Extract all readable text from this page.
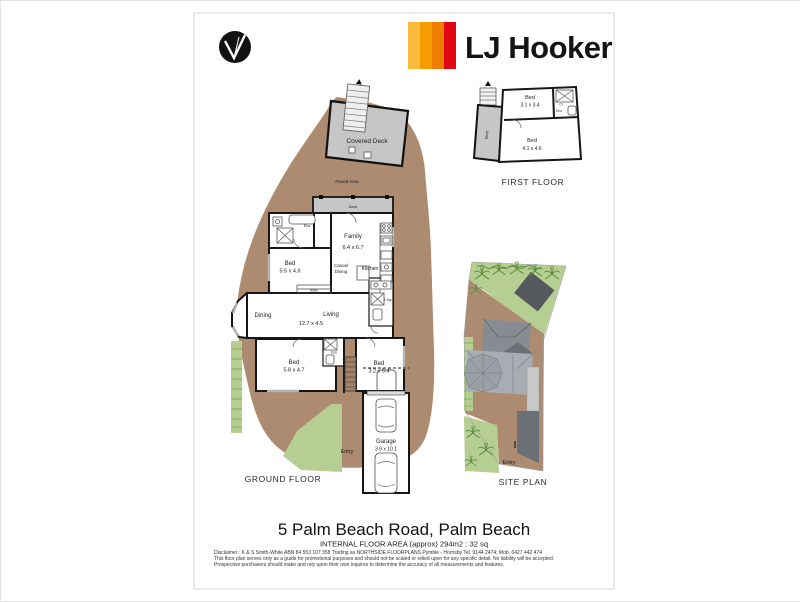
LJ Hooker
Covered Deck
Paved Area
Deck
Ens
Robe
L'dry
Ens
Entry
Garage
3.9 x 10.1
Bed
5.5 x 4.6
Family
6.4 x 6.7
Casual
Dining	Kitchen
Dining	Living
12.7 x 4.5
Bed
5.8 x 4.7
Bed
3.2 x 5.4
GROUND FLOOR
Deck
Cl
Ens
Bed
3.1 x 3.4
Bed
4.1 x 4.6
FIRST FLOOR
Entry
SITE PLAN
5 Palm Beach Road, Palm Beach
INTERNAL FLOOR AREA (approx) 294m2 : 32 sq
Disclaimer : K & S Smith-White ABN 84 553 107 358 Trading as NORTHSIDE FLOORPLANS Pymble - Hornsby Tel. 9144 2474; Mob. 0427 442 474
This floor plan serves only as a guide for promotional purposes and should not be scaled or relied upon for any specific detail. No liability will be accepted.
Prospective purchasers should make and rely upon their own inquires to determine the accuracy of all measurements and features.
